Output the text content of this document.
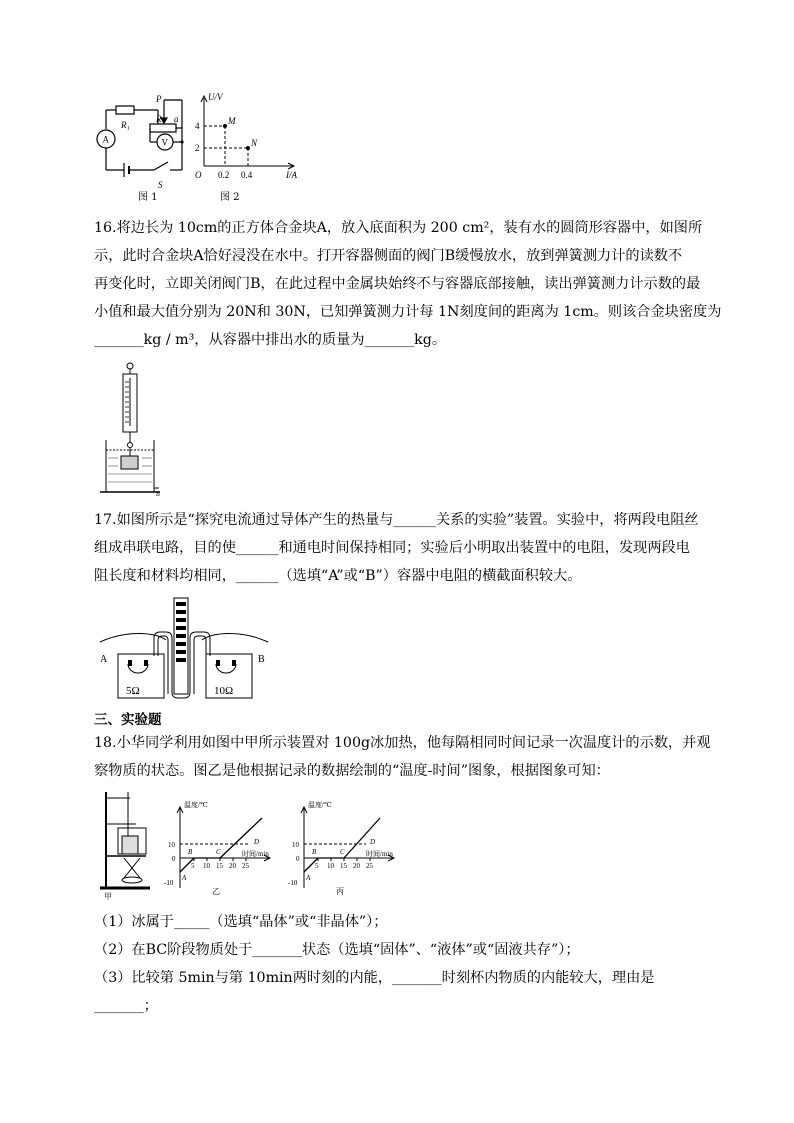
R₁
R₂
P
a
A	V
S
图 1
U/V
I/A
O
4
2
0.2 0.4
M
N
图 2
16.将边长为 10cm的正方体合金块A，放入底面积为 200 cm²，装有水的圆筒形容器中，如图所
示，此时合金块A恰好浸没在水中。打开容器侧面的阀门B缓慢放水，放到弹簧测力计的读数不
再变化时，立即关闭阀门B，在此过程中金属块始终不与容器底部接触，读出弹簧测力计示数的最
小值和最大值分别为 20N和 30N，已知弹簧测力计每 1N刻度间的距离为 1cm。则该合金块密度为
_______kg / m³，从容器中排出水的质量为_______kg。
B
17.如图所示是“探究电流通过导体产生的热量与______关系的实验”装置。实验中，将两段电阻丝
组成串联电路，目的使______和通电时间保持相同；实验后小明取出装置中的电阻，发现两段电
阻长度和材料均相同，______（选填“A”或“B”）容器中电阻的横截面积较大。
A	B
5Ω	10Ω
三、实验题
18.小华同学利用如图中甲所示装置对 100g冰加热，他每隔相同时间记录一次温度计的示数，并观
察物质的状态。图乙是他根据记录的数据绘制的“温度-时间”图象，根据图象可知：
甲
温度/℃
时间/min
10
0
-10
5 10 15 20 25
A
B	C
D
乙
温度/℃
时间/min
10
0
-10
5 10 15 20 25
A
B	C
D
丙
（1）冰属于_____（选填“晶体”或“非晶体”）；
（2）在BC阶段物质处于_______状态（选填“固体”、“液体”或“固液共存”）；
（3）比较第 5min与第 10min两时刻的内能，_______时刻杯内物质的内能较大，理由是
_______；
